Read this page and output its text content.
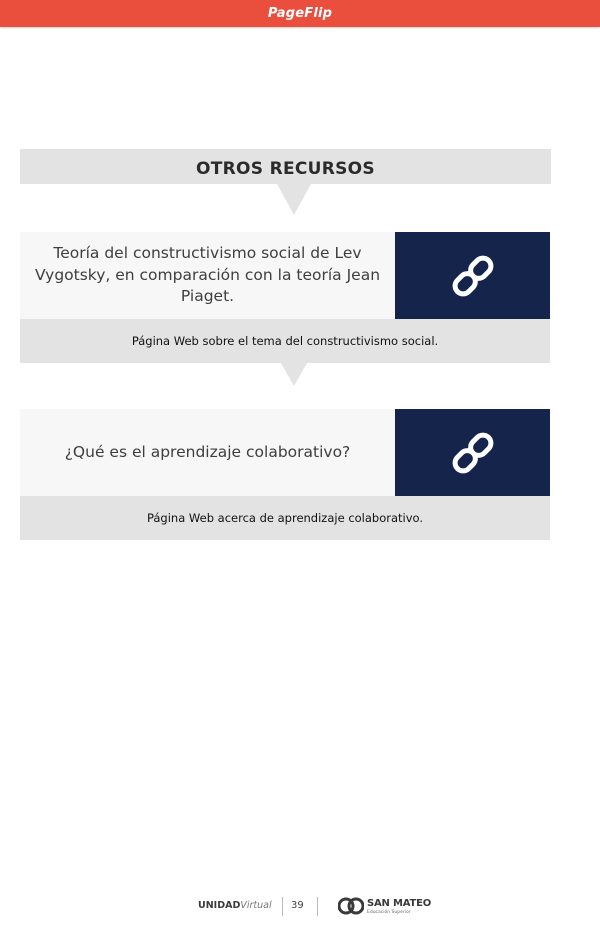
PageFlip
OTROS RECURSOS
Teoría del constructivismo social de Lev Vygotsky, en comparación con la teoría Jean Piaget.
Página Web sobre el tema del constructivismo social.
¿Qué es el aprendizaje colaborativo?
Página Web acerca de aprendizaje colaborativo.
UNIDADVirtual 39	SAN MATEO
Educación Superior
